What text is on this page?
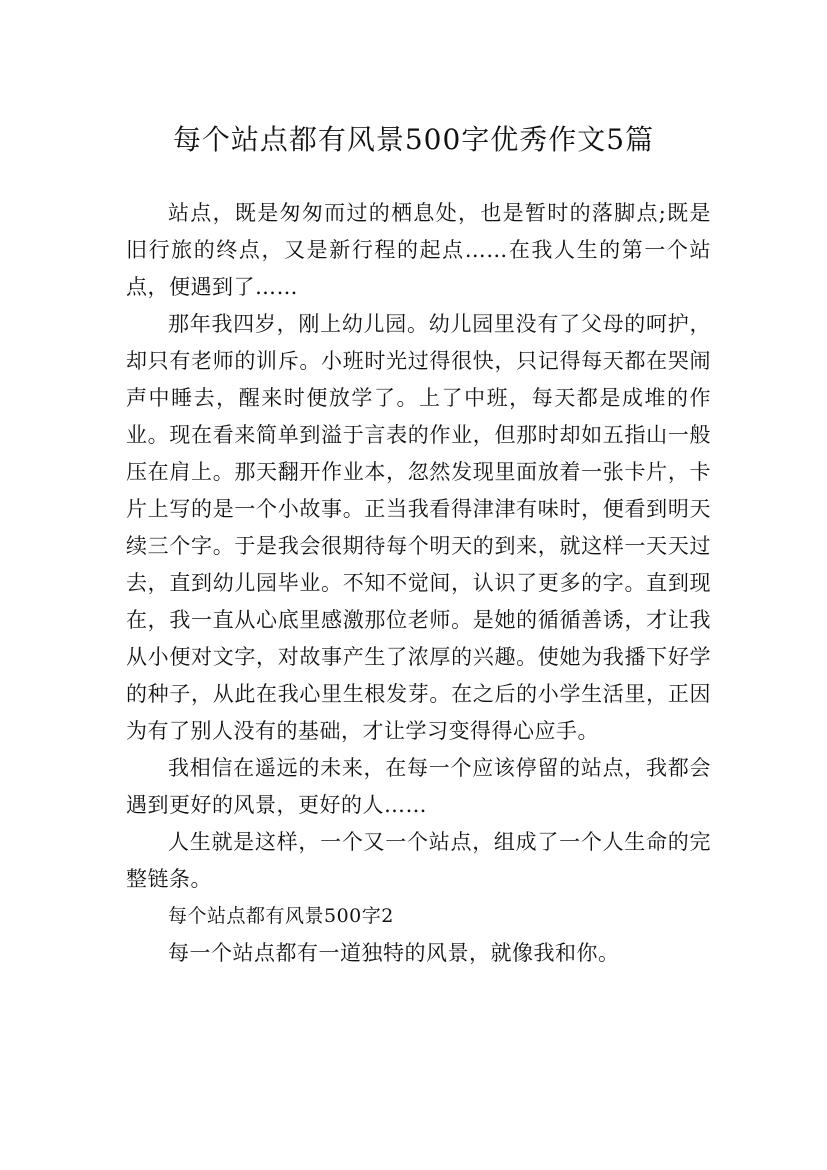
每个站点都有风景500字优秀作文5篇

站点，既是匆匆而过的栖息处，也是暂时的落脚点;既是旧行旅的终点，又是新行程的起点……在我人生的第一个站点，便遇到了……

那年我四岁，刚上幼儿园。幼儿园里没有了父母的呵护，却只有老师的训斥。小班时光过得很快，只记得每天都在哭闹声中睡去，醒来时便放学了。上了中班，每天都是成堆的作业。现在看来简单到溢于言表的作业，但那时却如五指山一般压在肩上。那天翻开作业本，忽然发现里面放着一张卡片，卡片上写的是一个小故事。正当我看得津津有味时，便看到明天续三个字。于是我会很期待每个明天的到来，就这样一天天过去，直到幼儿园毕业。不知不觉间，认识了更多的字。直到现在，我一直从心底里感激那位老师。是她的循循善诱，才让我从小便对文字，对故事产生了浓厚的兴趣。使她为我播下好学的种子，从此在我心里生根发芽。在之后的小学生活里，正因为有了别人没有的基础，才让学习变得得心应手。

我相信在遥远的未来，在每一个应该停留的站点，我都会遇到更好的风景，更好的人……

人生就是这样，一个又一个站点，组成了一个人生命的完整链条。

每个站点都有风景500字2

每一个站点都有一道独特的风景，就像我和你。
